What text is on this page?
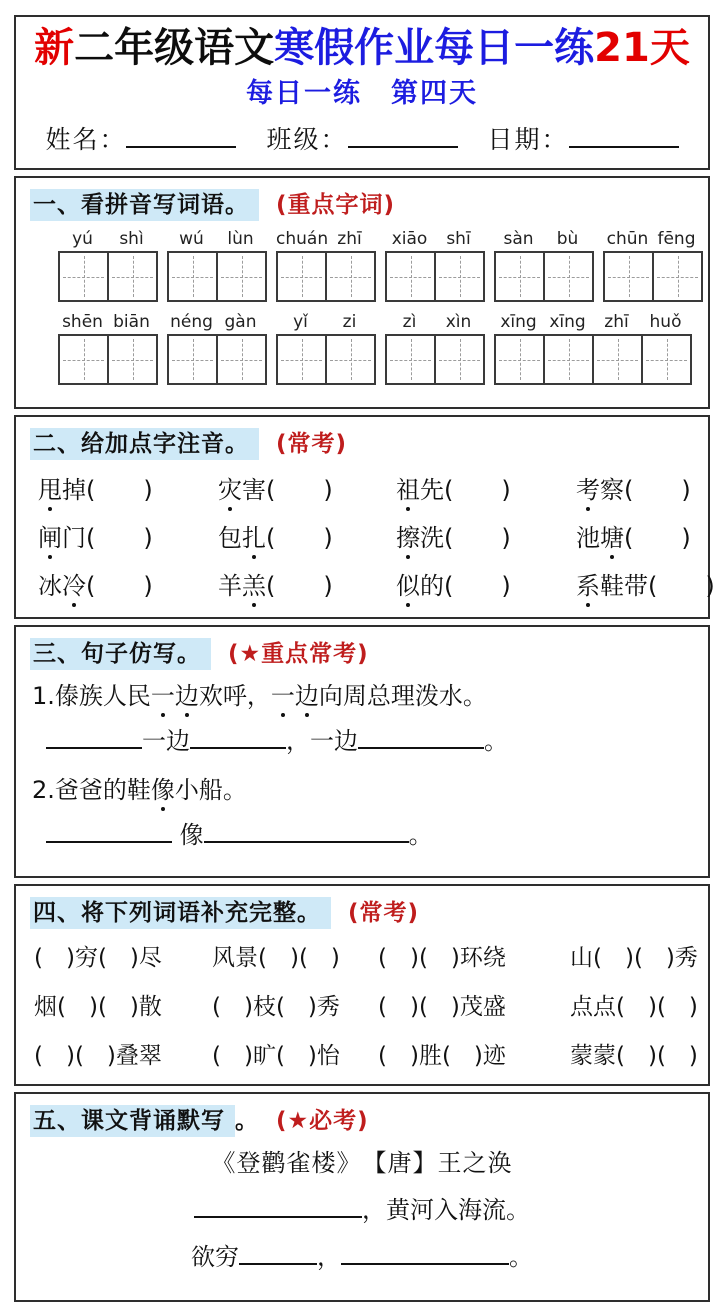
新二年级语文寒假作业每日一练21天
每日一练　第四天
姓名：	班级：	日期：
一、看拼音写词语。 (重点字词)
yú	shì	wú	lùn	chuán zhī	xiāo	shī	sàn	bù	chūn fēng
shēn biān	néng gàn	yǐ	zi	zì	xìn	xīng xīng	zhī	huǒ
二、给加点字注音。 (常考)
甩掉( )	灾害( )	祖先( )	考察( )
闸门( )	包扎( )	擦洗( )	池塘( )
冰冷( )	羊羔( )	似的( )	系鞋带( )
三、句子仿写。 (★重点常考)
1.傣族人民一边欢呼，一边向周总理泼水。
一边	，一边	。
2.爸爸的鞋像小船。
像	。
四、将下列词语补充完整。 (常考)
(　)穷(　)尽	风景(　)(　)	(　)(　)环绕	山(　)(　)秀
烟(　)(　)散	(　)枝(　)秀	(　)(　)茂盛	点点(　)(　)
(　)(　)叠翠	(　)旷(　)怡	(　)胜(　)迹	蒙蒙(　)(　)
五、课文背诵默写 。 (★必考)
《登鹳雀楼》　【唐】王之涣
，黄河入海流。
欲穷	，	。
